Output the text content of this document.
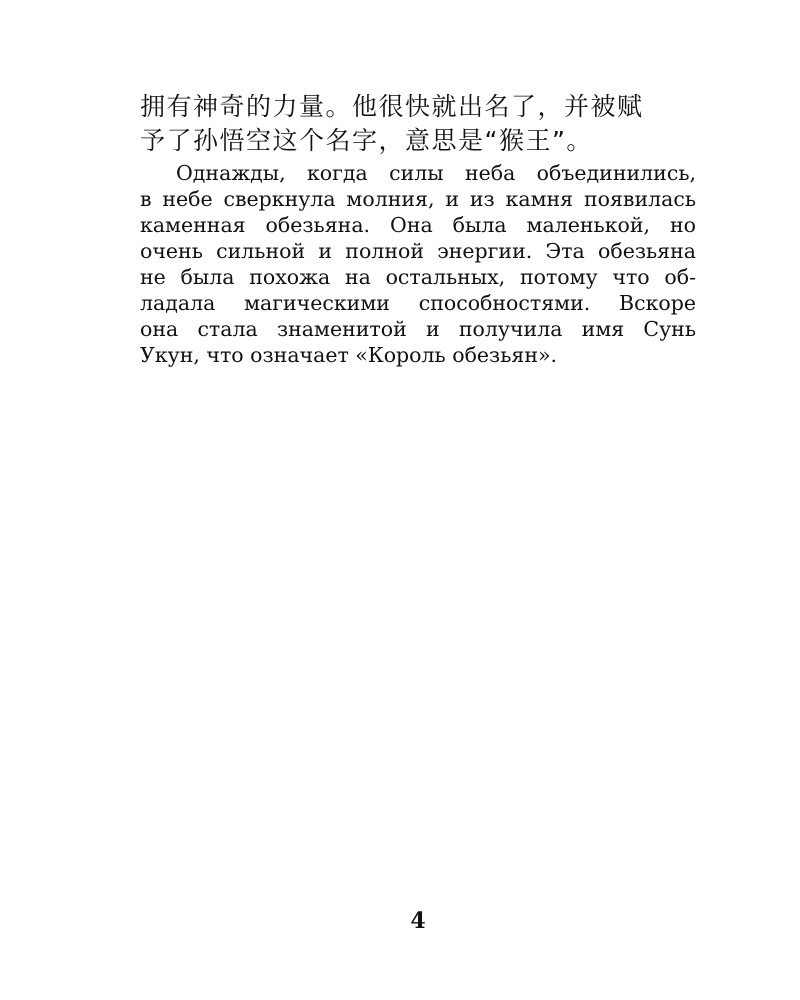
拥有神奇的力量。他很快就出名了，并被赋
予了孙悟空这个名字，意思是“猴王”。
Однажды, когда силы неба объединились,
в небе сверкнула молния, и из камня появилась
каменная обезьяна. Она была маленькой, но
очень сильной и полной энергии. Эта обезьяна
не была похожа на остальных, потому что об-
ладала магическими способностями. Вскоре
она стала знаменитой и получила имя Сунь
Укун, что означает «Король обезьян».
4
